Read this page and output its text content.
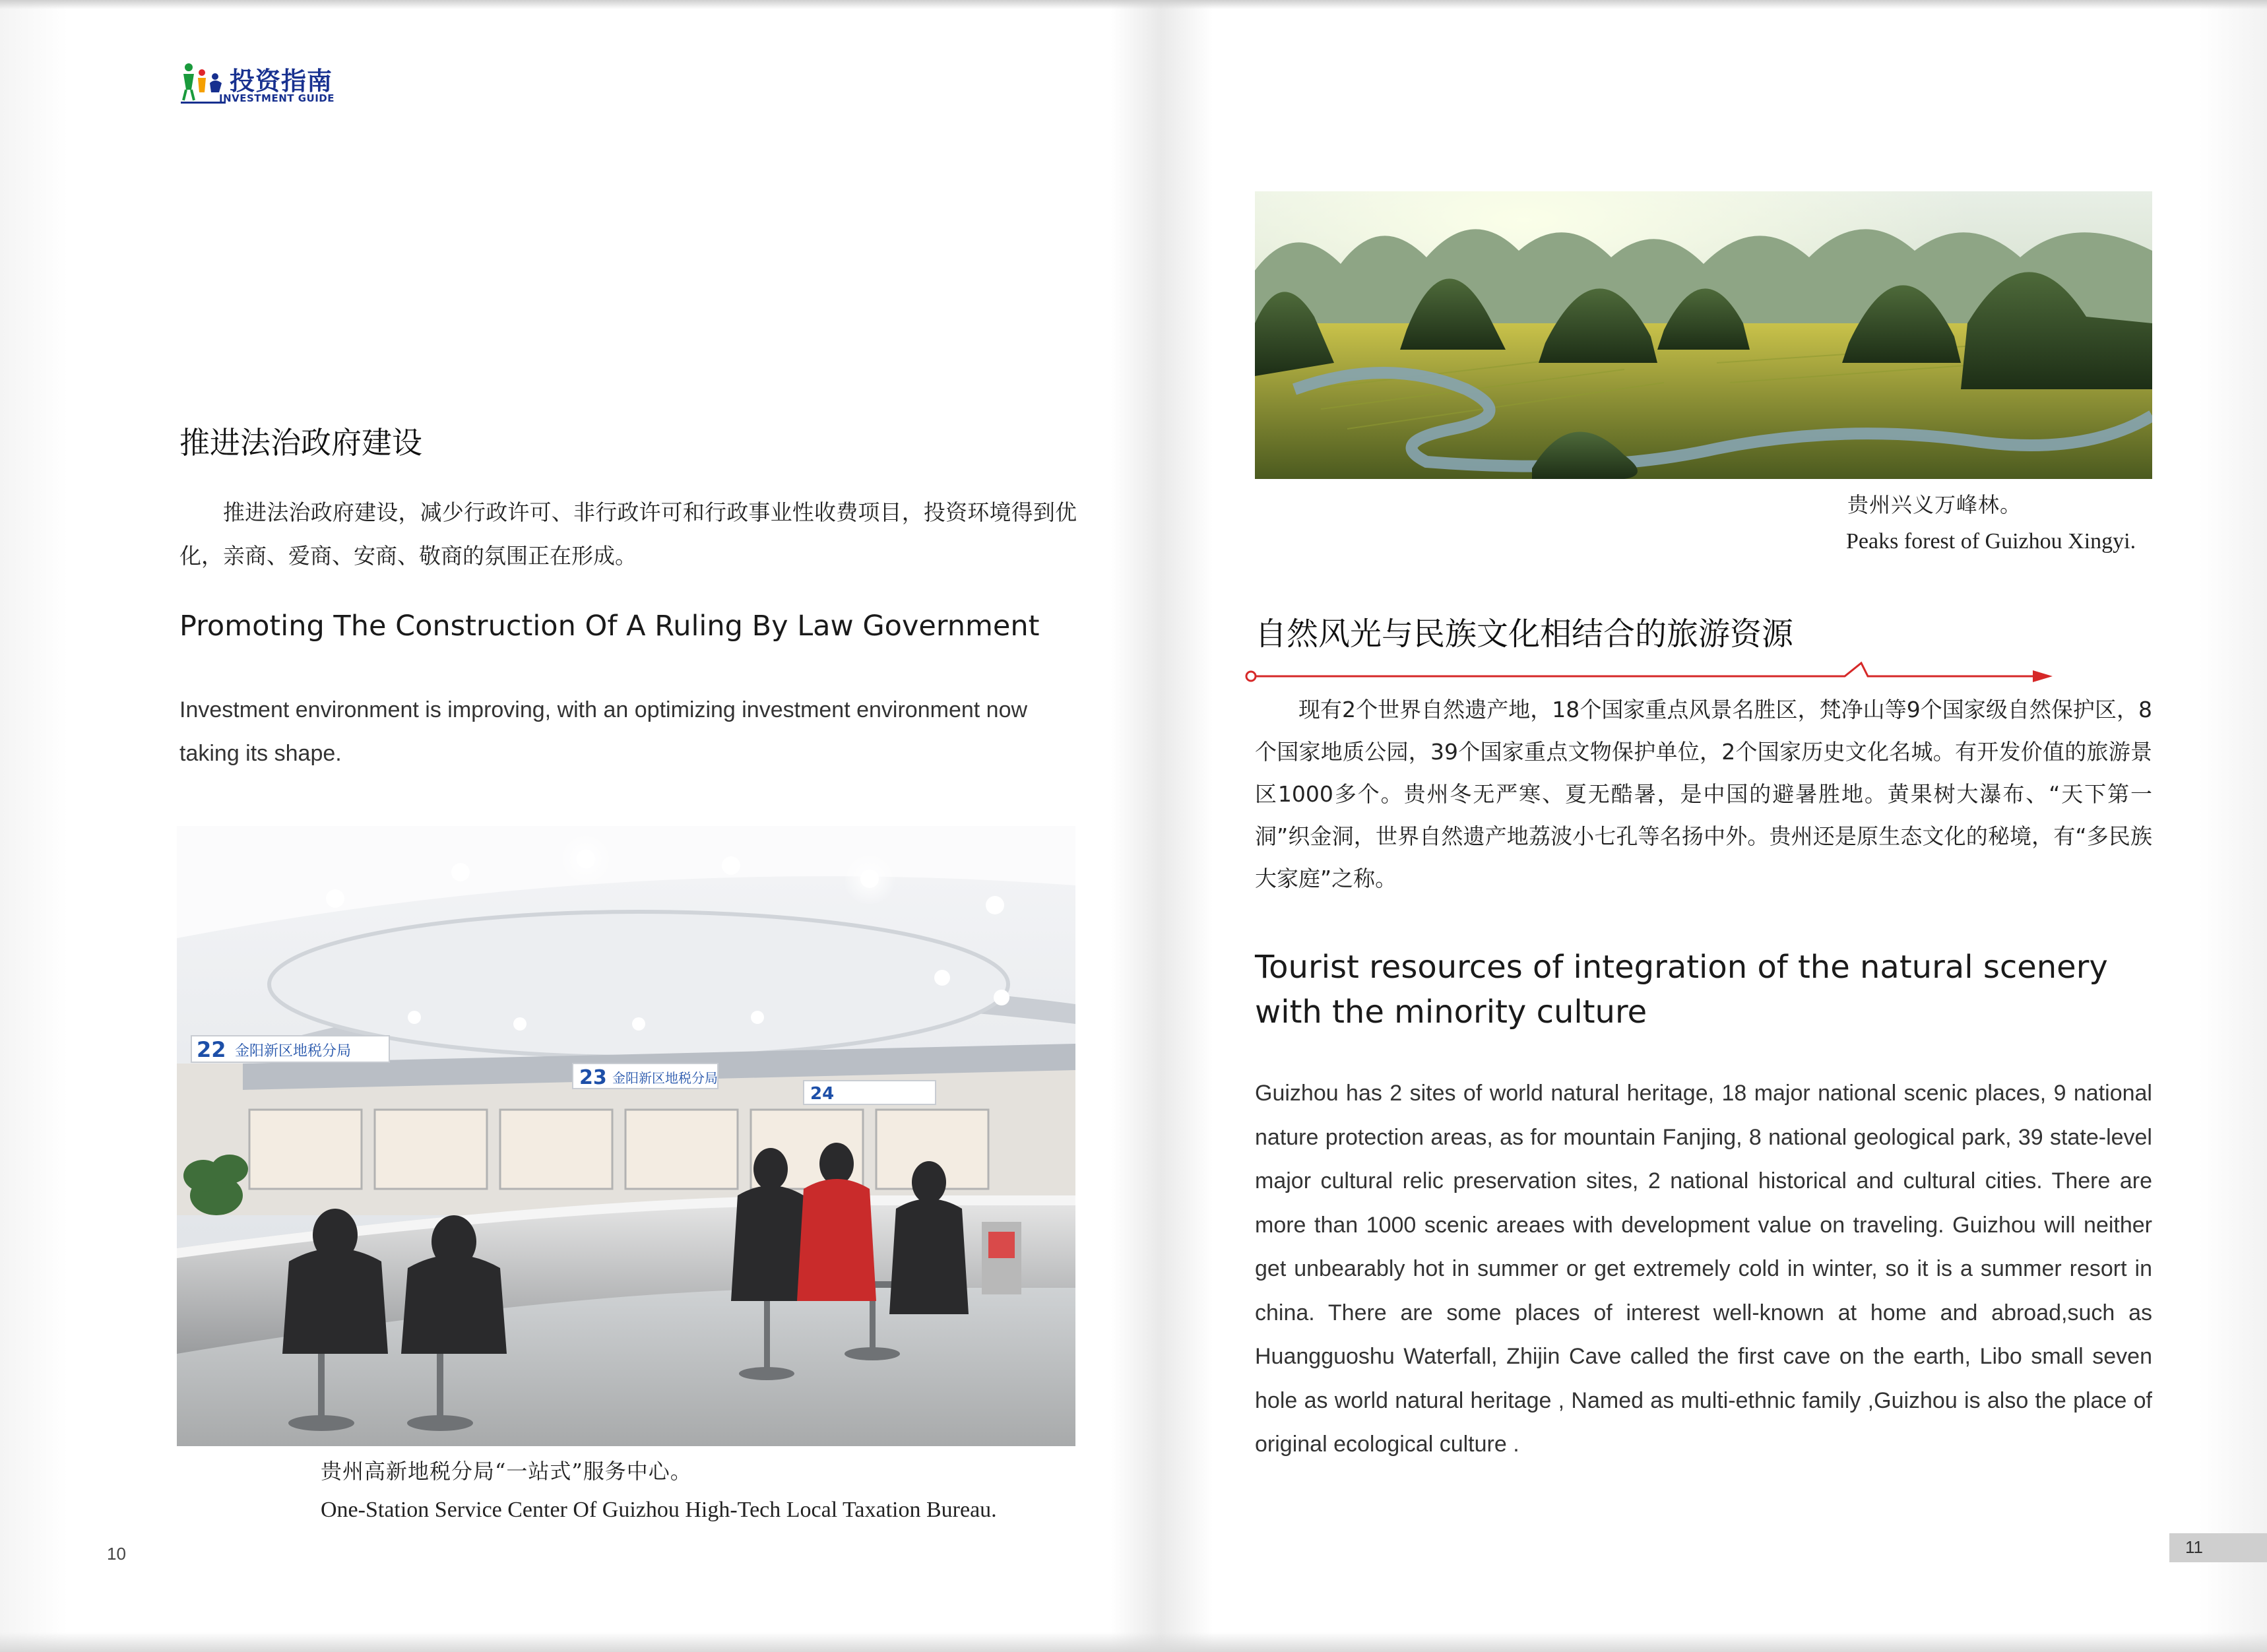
投资指南
INVESTMENT GUIDE
推进法治政府建设
推进法治政府建设，减少行政许可、非行政许可和行政事业性收费项目，投资环境得到优化，亲商、爱商、安商、敬商的氛围正在形成。
Promoting The Construction Of A Ruling By Law Government
Investment environment is improving, with an optimizing investment environment now taking its shape.
22 金阳新区地税分局
23 金阳新区地税分局
24
贵州高新地税分局“一站式”服务中心。
One-Station Service Center Of Guizhou High-Tech Local Taxation Bureau.
10
贵州兴义万峰林。
Peaks forest of Guizhou Xingyi.
自然风光与民族文化相结合的旅游资源
现有2个世界自然遗产地，18个国家重点风景名胜区，梵净山等9个国家级自然保护区，8个国家地质公园，39个国家重点文物保护单位，2个国家历史文化名城。有开发价值的旅游景区1000多个。贵州冬无严寒、夏无酷暑，是中国的避暑胜地。黄果树大瀑布、“天下第一洞”织金洞，世界自然遗产地荔波小七孔等名扬中外。贵州还是原生态文化的秘境，有“多民族大家庭”之称。
Tourist resources of integration of the natural scenery with the minority culture
Guizhou has 2 sites of world natural heritage, 18 major national scenic places, 9 national nature protection areas, as for mountain Fanjing, 8 national geological park, 39 state-level major cultural relic preservation sites, 2 national historical and cultural cities. There are more than 1000 scenic areaes with development value on traveling. Guizhou will neither get unbearably hot in summer or get extremely cold in winter, so it is a summer resort in china. There are some places of interest well-known at home and abroad,such as Huangguoshu Waterfall, Zhijin Cave called the first cave on the earth, Libo small seven hole as world natural heritage , Named as multi-ethnic family ,Guizhou is also the place of original ecological culture .
11
